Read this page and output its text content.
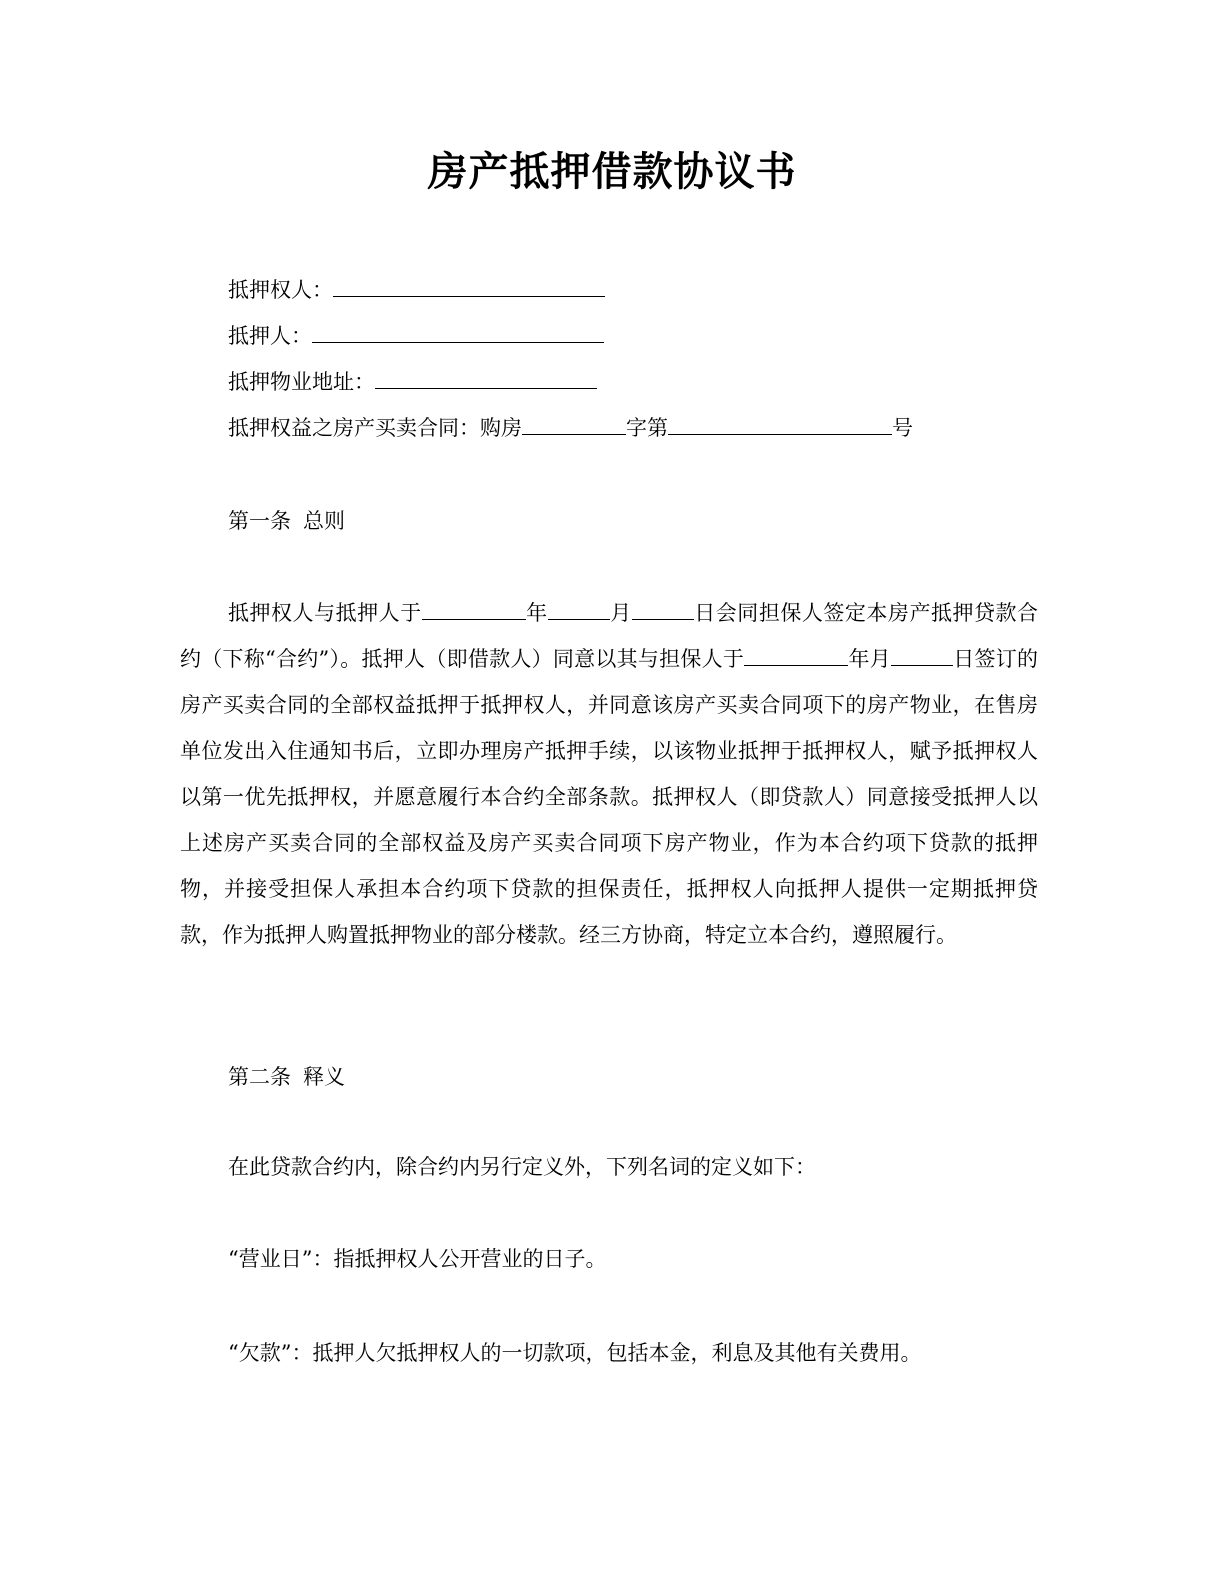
房产抵押借款协议书
抵押权人：
抵押人：
抵押物业地址：
抵押权益之房产买卖合同：购房	字第	号
第一条 总则
抵押权人与抵押人于	年	月	日会同担保人签定本房产抵押贷款合约（下称“合约”）。抵押人（即借款人）同意以其与担保人于	年月	日签订的房产买卖合同的全部权益抵押于抵押权人，并同意该房产买卖合同项下的房产物业，在售房单位发出入住通知书后，立即办理房产抵押手续，以该物业抵押于抵押权人，赋予抵押权人以第一优先抵押权，并愿意履行本合约全部条款。抵押权人（即贷款人）同意接受抵押人以上述房产买卖合同的全部权益及房产买卖合同项下房产物业，作为本合约项下贷款的抵押物，并接受担保人承担本合约项下贷款的担保责任，抵押权人向抵押人提供一定期抵押贷款，作为抵押人购置抵押物业的部分楼款。经三方协商，特定立本合约，遵照履行。
第二条 释义
在此贷款合约内，除合约内另行定义外，下列名词的定义如下：
“营业日”：指抵押权人公开营业的日子。
“欠款”：抵押人欠抵押权人的一切款项，包括本金，利息及其他有关费用。
